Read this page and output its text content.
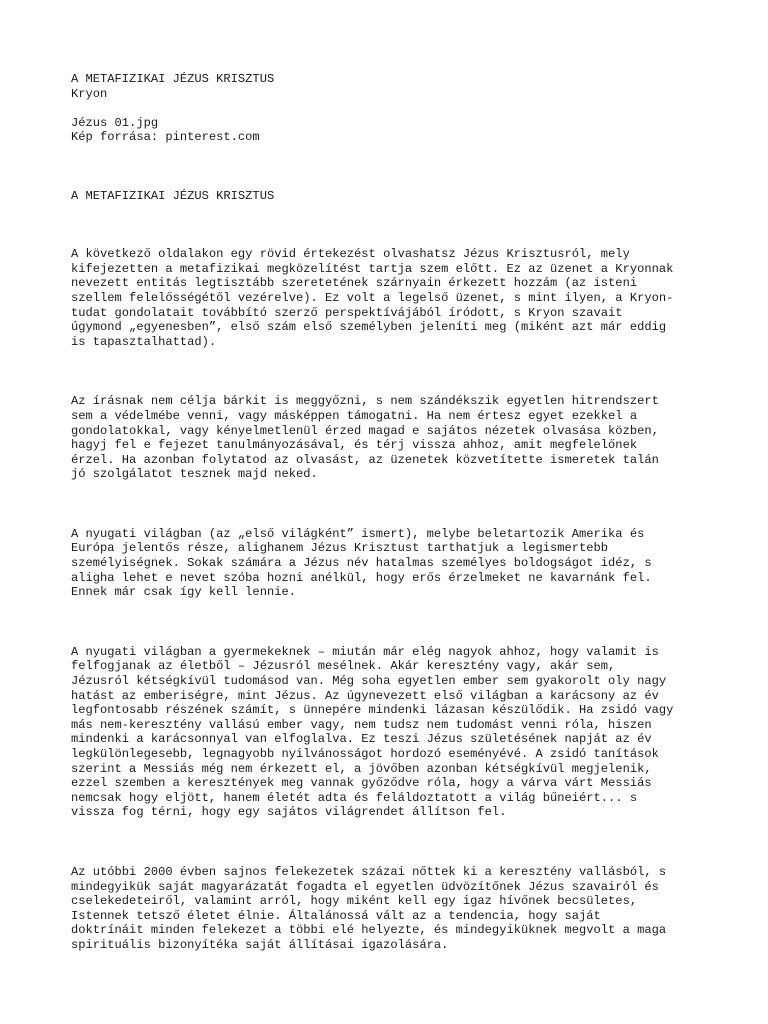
A METAFIZIKAI JÉZUS KRISZTUS
Kryon
Jézus 01.jpg
Kép forrása: pinterest.com
A METAFIZIKAI JÉZUS KRISZTUS
A következő oldalakon egy rövid értekezést olvashatsz Jézus Krisztusról, mely
kifejezetten a metafizikai megközelítést tartja szem előtt. Ez az üzenet a Kryonnak
nevezett entitás legtisztább szeretetének szárnyain érkezett hozzám (az isteni
szellem felelősségétől vezérelve). Ez volt a legelső üzenet, s mint ilyen, a Kryon-
tudat gondolatait továbbító szerző perspektívájából íródott, s Kryon szavait
úgymond „egyenesben”, első szám első személyben jeleníti meg (miként azt már eddig
is tapasztalhattad).
Az írásnak nem célja bárkit is meggyőzni, s nem szándékszik egyetlen hitrendszert
sem a védelmébe venni, vagy másképpen támogatni. Ha nem értesz egyet ezekkel a
gondolatokkal, vagy kényelmetlenül érzed magad e sajátos nézetek olvasása közben,
hagyj fel e fejezet tanulmányozásával, és térj vissza ahhoz, amit megfelelőnek
érzel. Ha azonban folytatod az olvasást, az üzenetek közvetítette ismeretek talán
jó szolgálatot tesznek majd neked.
A nyugati világban (az „első világként” ismert), melybe beletartozik Amerika és
Európa jelentős része, alighanem Jézus Krisztust tarthatjuk a legismertebb
személyiségnek. Sokak számára a Jézus név hatalmas személyes boldogságot idéz, s
aligha lehet e nevet szóba hozni anélkül, hogy erős érzelmeket ne kavarnánk fel.
Ennek már csak így kell lennie.
A nyugati világban a gyermekeknek – miután már elég nagyok ahhoz, hogy valamit is
felfogjanak az életből – Jézusról mesélnek. Akár keresztény vagy, akár sem,
Jézusról kétségkívül tudomásod van. Még soha egyetlen ember sem gyakorolt oly nagy
hatást az emberiségre, mint Jézus. Az úgynevezett első világban a karácsony az év
legfontosabb részének számít, s ünnepére mindenki lázasan készülődik. Ha zsidó vagy
más nem-keresztény vallású ember vagy, nem tudsz nem tudomást venni róla, hiszen
mindenki a karácsonnyal van elfoglalva. Ez teszi Jézus születésének napját az év
legkülönlegesebb, legnagyobb nyilvánosságot hordozó eseményévé. A zsidó tanítások
szerint a Messiás még nem érkezett el, a jövőben azonban kétségkívül megjelenik,
ezzel szemben a keresztények meg vannak győződve róla, hogy a várva várt Messiás
nemcsak hogy eljött, hanem életét adta és feláldoztatott a világ bűneiért... s
vissza fog térni, hogy egy sajátos világrendet állítson fel.
Az utóbbi 2000 évben sajnos felekezetek százai nőttek ki a keresztény vallásból, s
mindegyikük saját magyarázatát fogadta el egyetlen üdvözítőnek Jézus szavairól és
cselekedeteiről, valamint arról, hogy miként kell egy igaz hívőnek becsületes,
Istennek tetsző életet élnie. Általánossá vált az a tendencia, hogy saját
doktrínáit minden felekezet a többi elé helyezte, és mindegyiküknek megvolt a maga
spirituális bizonyítéka saját állításai igazolására.
